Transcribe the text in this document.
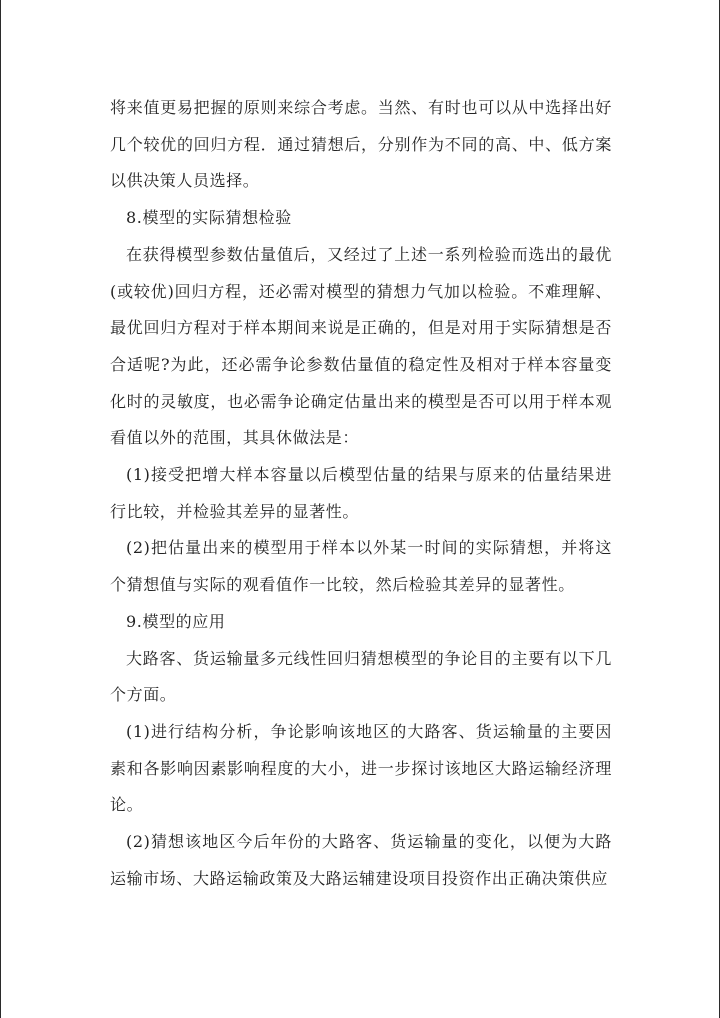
将来值更易把握的原则来综合考虑。当然、有时也可以从中选择出好几个较优的回归方程．通过猜想后，分别作为不同的高、中、低方案以供决策人员选择。

8.模型的实际猜想检验

在获得模型参数估量值后，又经过了上述一系列检验而选出的最优(或较优)回归方程，还必需对模型的猜想力气加以检验。不难理解、最优回归方程对于样本期间来说是正确的，但是对用于实际猜想是否合适呢?为此，还必需争论参数估量值的稳定性及相对于样本容量变化时的灵敏度，也必需争论确定估量出来的模型是否可以用于样本观看值以外的范围，其具休做法是：

(1)接受把增大样本容量以后模型估量的结果与原来的估量结果进行比较，并检验其差异的显著性。

(2)把估量出来的模型用于样本以外某一时间的实际猜想，并将这个猜想值与实际的观看值作一比较，然后检验其差异的显著性。

9.模型的应用

大路客、货运输量多元线性回归猜想模型的争论目的主要有以下几个方面。

(1)进行结构分析，争论影响该地区的大路客、货运输量的主要因素和各影响因素影响程度的大小，进一步探讨该地区大路运输经济理论。

(2)猜想该地区今后年份的大路客、货运输量的变化，以便为大路运输市场、大路运输政策及大路运辅建设项目投资作出正确决策供应
